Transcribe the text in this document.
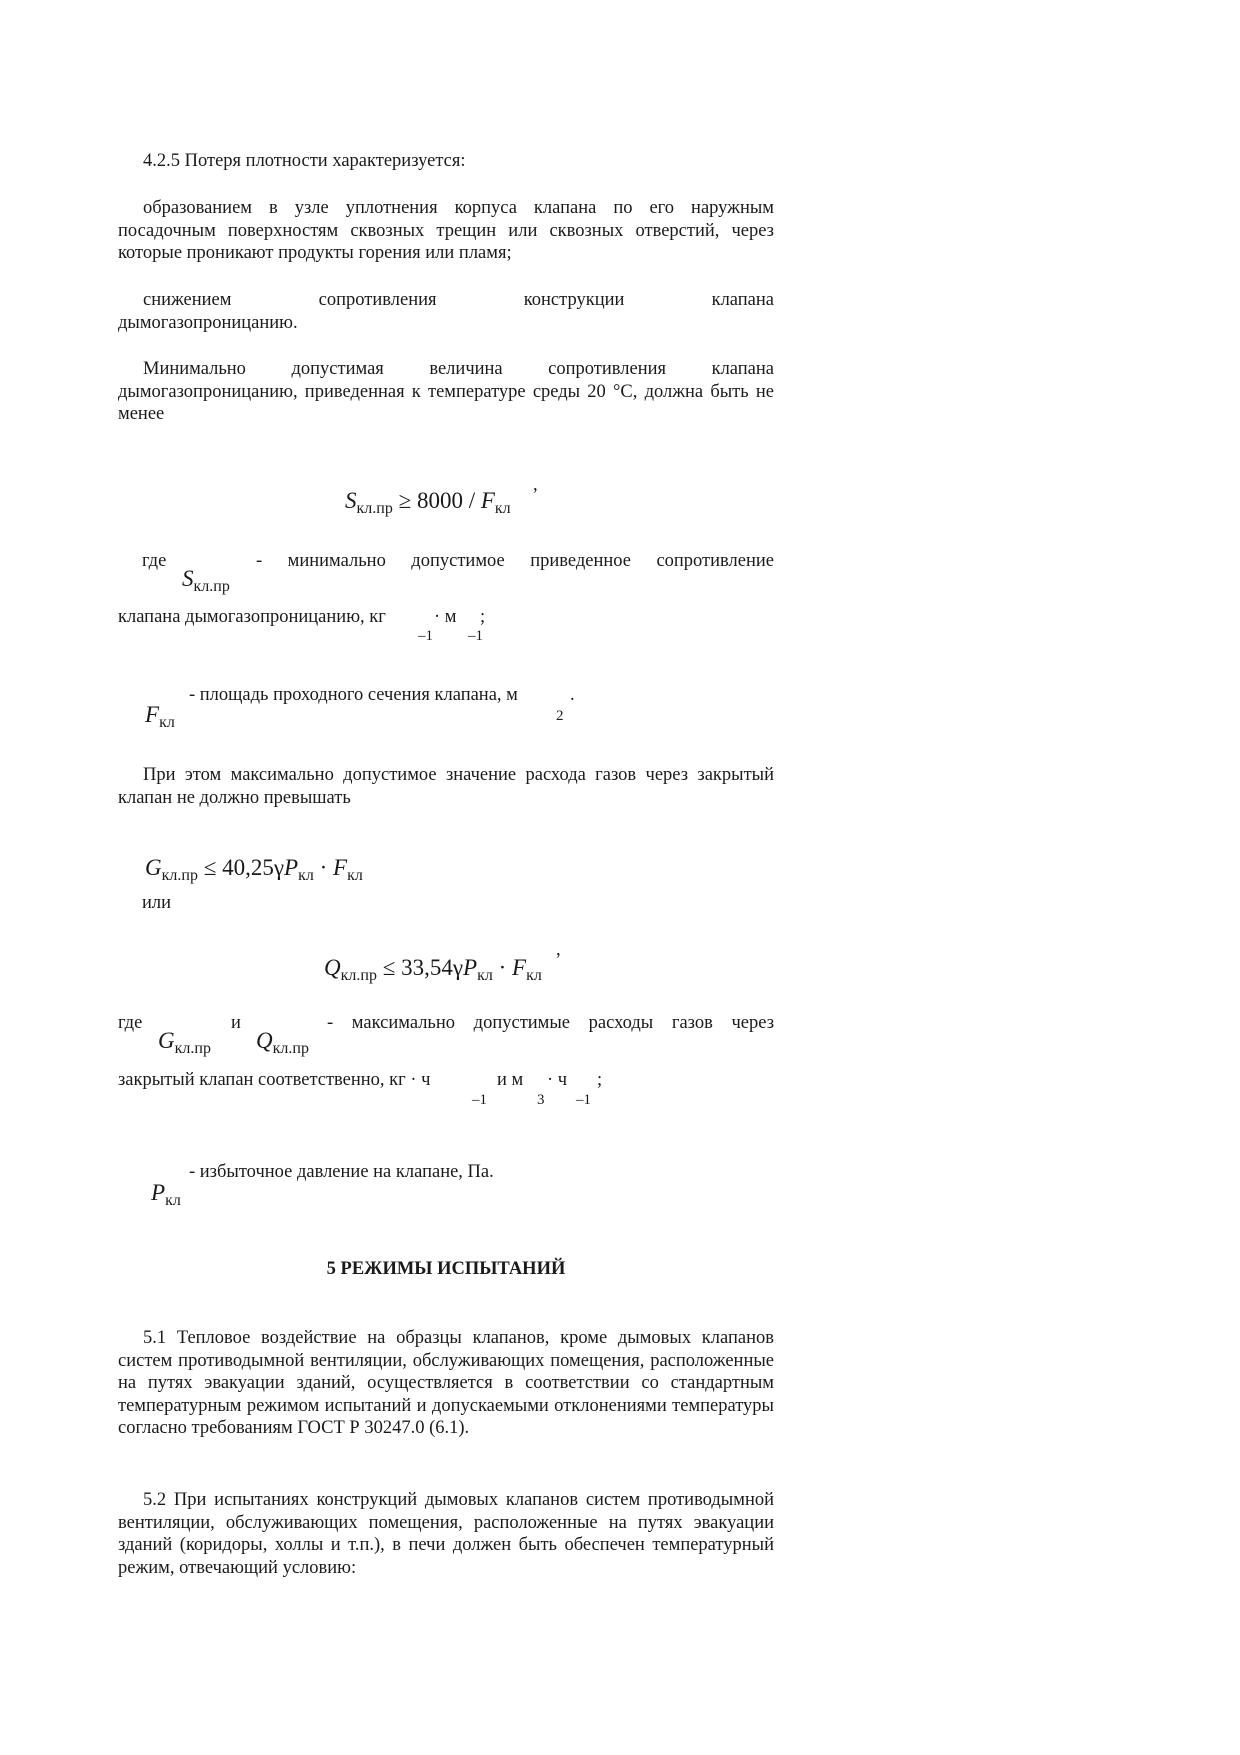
4.2.5 Потеря плотности характеризуется:
образованием в узле уплотнения корпуса клапана по его наружным посадочным поверхностям сквозных трещин или сквозных отверстий, через которые проникают продукты горения или пламя;
снижением сопротивления конструкции клапана
дымогазопроницанию.
Минимально допустимая величина сопротивления клапана дымогазопроницанию, приведенная к температуре среды 20 °С, должна быть не менее
$S_{кл.пр} \ge 8000 / F_{кл}$
,
где	- минимально допустимое приведенное сопротивление
$S_{кл.пр}$
клапана дымогазопроницанию, кг	· м ;
–1 –1
$F_{кл}$
- площадь проходного сечения клапана, м	.
2
При этом максимально допустимое значение расхода газов через закрытый клапан не должно превышать
$G_{кл.пр} \le 40,25\gamma P_{кл} \cdot F_{кл}$
или
$Q_{кл.пр} \le 33,54\gamma P_{кл} \cdot F_{кл}$
,
где	и	- максимально допустимые расходы газов через
$G_{кл.пр}$ $Q_{кл.пр}$
закрытый клапан соответственно, кг · ч	и м · ч ;
–1	3 –1
$P_{кл}$
- избыточное давление на клапане, Па.
5 РЕЖИМЫ ИСПЫТАНИЙ
5.1 Тепловое воздействие на образцы клапанов, кроме дымовых клапанов систем противодымной вентиляции, обслуживающих помещения, расположенные на путях эвакуации зданий, осуществляется в соответствии со стандартным температурным режимом испытаний и допускаемыми отклонениями температуры согласно требованиям ГОСТ Р 30247.0 (6.1).
5.2 При испытаниях конструкций дымовых клапанов систем противодымной вентиляции, обслуживающих помещения, расположенные на путях эвакуации зданий (коридоры, холлы и т.п.), в печи должен быть обеспечен температурный режим, отвечающий условию:
